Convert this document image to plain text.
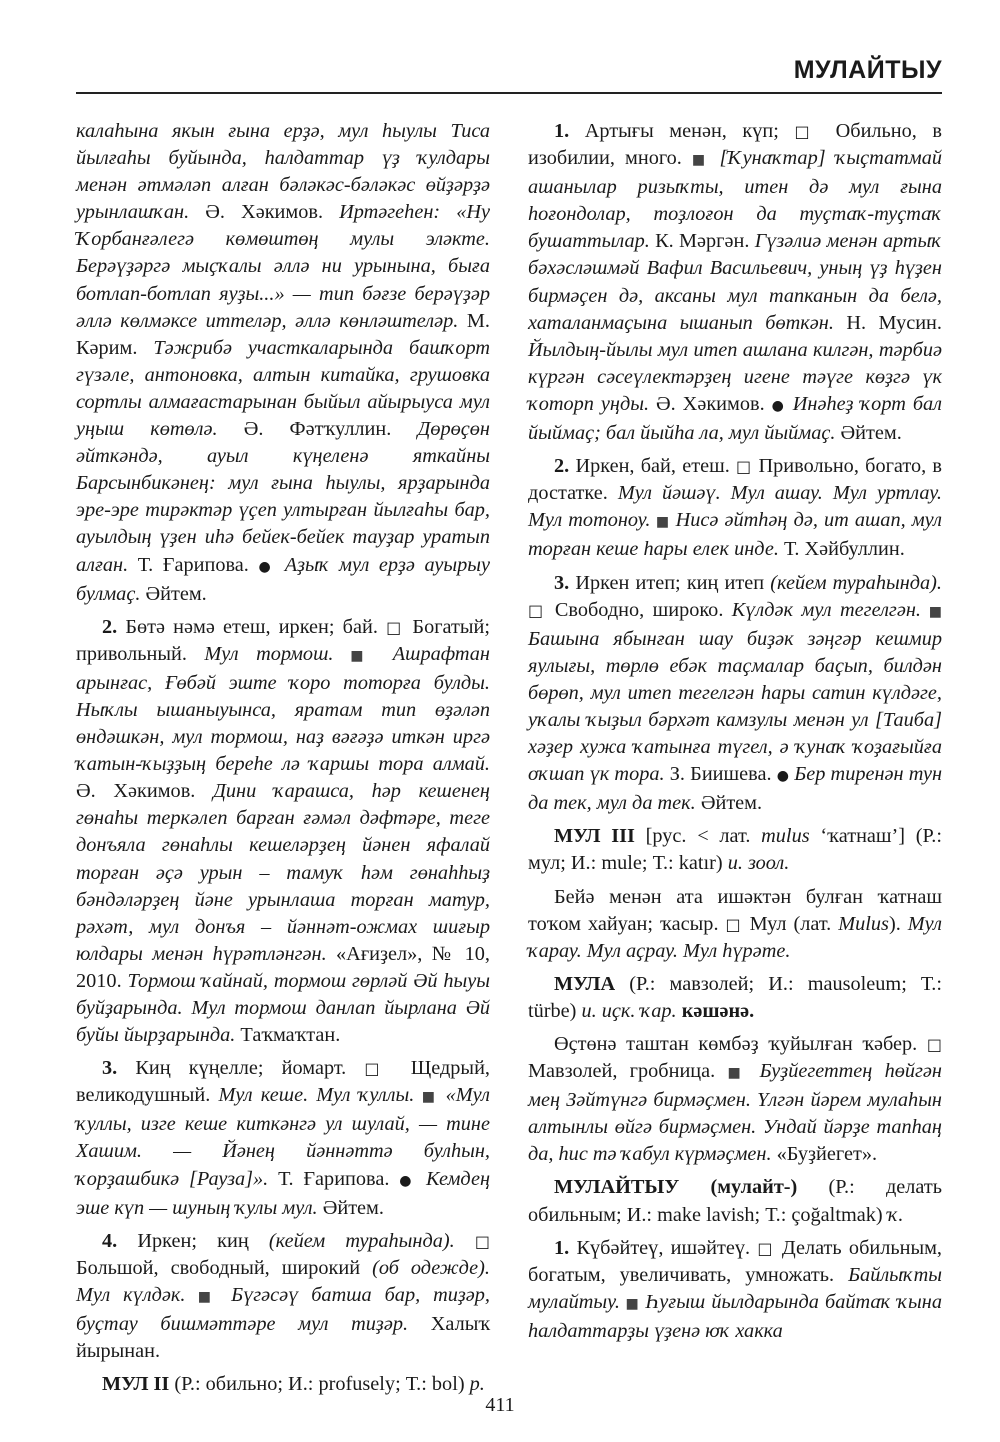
МУЛАЙТЫУ

калаһына якын ғына ерҙә, мул һыулы Тиса йылғаһы буйында, һалдаттар үҙ ҡулдары менән әтмәләп алған бәләкәс-бәләкәс өйҙәрҙә урынлашҡан. Ә. Хәкимов. Иртәгеһен: «Ну Ҡорбанғәлегә көмөштөң мулы эләкте. Берәүҙәргә мыҫҡалы әллә ни урынына, быға ботлап-ботлап яуҙы...» — тип бәғзе берәүҙәр әллә көлмәксе иттеләр, әллә көнләштеләр. М. Кәрим. Тәжрибә участкаларында башҡорт гүзәле, антоновка, алтын китайка, грушовка сортлы алмағастарынан быйыл айырыуса мул уңыш көтөлә. Ә. Фәтҡуллин. Дөрөҫөн әйткәндә, ауыл күңеленә яткайны Барсынбикәнең: мул ғына һыулы, ярҙарында эре-эре тирәктәр үҫеп ултырған йылғаһы бар, ауылдың үҙен иһә бейек-бейек тауҙар уратып алған. Т. Ғарипова. ● Аҙыҡ мул ерҙә ауырыу булмаҫ. Әйтем.

2. Бөтә нәмә етеш, иркен; бай. □ Богатый; привольный. Мул тормош. ■ Ашрафтан арынғас, Ғөбәй эште ҡоро тоторға булды. Ныҡлы ышаныуынса, яратам тип өҙәләп өндәшкән, мул тормош, наҙ вәғәҙә иткән иргә ҡатын-ҡыҙҙың береһе лә ҡаршы тора алмай. Ә. Хәкимов. Дини ҡарашса, һәр кешенең гөнаһы теркәлеп барған ғәмәл дәфтәре, теге донъяла гөнаһлы кешеләрҙең йәнен яфалай торған әҫә урын – тамуҡ һәм гөнаһһыҙ бәндәләрҙең йәне урынлаша торған матур, рәхәт, мул донъя – йәннәт-ожмах шиғыр юлдары менән һүрәтләнгән. «Ағиҙел», № 10, 2010. Тормош ҡайнай, тормош гөрләй Әй һыуы буйҙарында. Мул тормош данлап йырлана Әй буйы йырҙарында. Таҡмаҡтан.

3. Киң күңелле; йомарт. □ Щедрый, великодушный. Мул кеше. Мул ҡуллы. ■ «Мул ҡуллы, изге кеше киткәнгә ул шулай, — тине Хашим. — Йәнең йәннәттә булһын, ҡорҙашбикә [Рауза]». Т. Ғарипова. ● Кемдең эше күп — шуның ҡулы мул. Әйтем.

4. Иркен; киң (кейем тураһында). □ Большой, свободный, широкий (об одежде). Мул күлдәк. ■ Бүгәсәү батша бар, тиҙәр, буҫтау бишмәттәре мул тиҙәр. Халыҡ йырынан.

МУЛ II (Р.: обильно; И.: profusely; Т.: bol) р.

1. Артығы менән, күп; □ Обильно, в изобилии, много. ■ [Ҡунаҡтар] ҡыҫтатмай ашанылар ризыҡты, итен дә мул ғына һоғондолар, тоҙлоғон да туҫтаҡ-туҫтаҡ бушаттылар. К. Мәргән. Гүзәлиә менән артыҡ бәхәсләшмәй Вафил Васильевич, уның үҙ һүҙен бирмәҫен дә, аксаны мул тапканын да белә, хаталанмаҫына ышанып бөткән. Н. Мусин. Йылдың-йылы мул итеп ашлана килгән, тәрбиә күргән сәсеүлектәрҙең игене тәүге көҙгә үк ҡоторп уңды. Ә. Хәкимов. ● Инәһеҙ ҡорт бал йыймаҫ; бал йыйһа ла, мул йыймаҫ. Әйтем.

2. Иркен, бай, етеш. □ Привольно, богато, в достатке. Мул йәшәү. Мул ашау. Мул уртлау. Мул тотоноу. ■ Нисә әйтһәң дә, ит ашап, мул торған кеше һары елек инде. Т. Хәйбуллин.

3. Иркен итеп; киң итеп (кейем тураһында). □ Свободно, широко. Күлдәк мул тегелгән. ■ Башына ябынған шау биҙәк зәңгәр кешмир яулығы, төрлө ебәк таҫмалар баҫып, билдән бөрөп, мул итеп тегелгән һары сатин күлдәге, уҡалы ҡыҙыл бәрхәт камзулы менән ул [Таиба] хәҙер хужа ҡатынға түгел, ә ҡунаҡ ҡоҙағыйға оҡшап үк тора. З. Биишева. ● Бер тиренән тун да тек, мул да тек. Әйтем.

МУЛ III [рус. < лат. mulus ‘ҡатнаш’] (Р.: мул; И.: mule; Т.: katır) и. зоол.

Бейә менән ата ишәктән булған ҡатнаш тоҡом хайуан; ҡасыр. □ Мул (лат. Mulus). Мул ҡарау. Мул аҫрау. Мул һүрәте.

МУЛА (Р.: мавзолей; И.: mausoleum; Т.: türbe) и. иҫк. ҡар. кәшәнә.

Өҫтөнә таштан көмбәҙ ҡуйылған ҡәбер. □ Мавзолей, гробница. ■ Буҙйегеттең һөйгән мең Зәйтүнгә бирмәҫмен. Үлгән йәрем мулаһын алтынлы өйгә бирмәҫмен. Ундай йәрҙе тапһаң да, һис тә ҡабул күрмәҫмен. «Буҙйегет».

МУЛАЙТЫУ (мулайт-) (Р.: делать обильным; И.: make lavish; Т.: çoğaltmak) ҡ.

1. Күбәйтеү, ишәйтеү. □ Делать обильным, богатым, увеличивать, умножать. Байлыҡты мулайтыу. ■ Һуғыш йылдарында байтаҡ ҡына һалдаттарҙы үҙенә юҡ хакка

411
